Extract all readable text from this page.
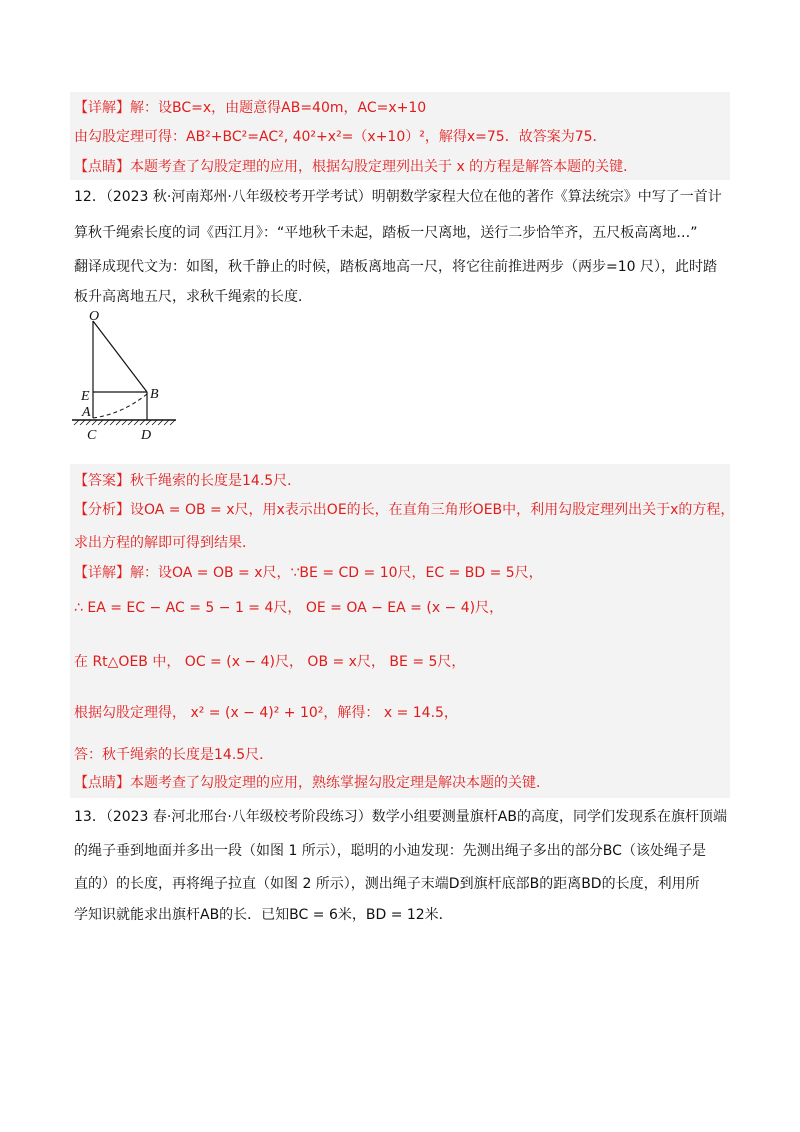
【详解】解：设BC=x，由题意得AB=40m，AC=x+10
由勾股定理可得：AB²+BC²=AC², 40²+x²=（x+10）²，解得x=75．故答案为75．
【点睛】本题考查了勾股定理的应用，根据勾股定理列出关于 x 的方程是解答本题的关键．
12．（2023 秋·河南郑州·八年级校考开学考试）明朝数学家程大位在他的著作《算法统宗》中写了一首计
算秋千绳索长度的词《西江月》：“平地秋千未起，踏板一尺离地，送行二步恰竿齐，五尺板高离地…”
翻译成现代文为：如图，秋千静止的时候，踏板离地高一尺，将它往前推进两步（两步=10 尺），此时踏
板升高离地五尺，求秋千绳索的长度．
O
E	B
A
C	D
【答案】秋千绳索的长度是14.5尺．
【分析】设OA = OB = x尺，用x表示出OE的长，在直角三角形OEB中，利用勾股定理列出关于x的方程，
求出方程的解即可得到结果．
【详解】解：设OA = OB = x尺，∵BE = CD = 10尺，EC = BD = 5尺，
∴ EA = EC − AC = 5 − 1 = 4尺， OE = OA − EA = (x − 4)尺，
在 Rt△OEB 中， OC = (x − 4)尺， OB = x尺， BE = 5尺，
根据勾股定理得， x² = (x − 4)² + 10²，解得： x = 14.5，
答：秋千绳索的长度是14.5尺．
【点睛】本题考查了勾股定理的应用，熟练掌握勾股定理是解决本题的关键．
13．（2023 春·河北邢台·八年级校考阶段练习）数学小组要测量旗杆AB的高度，同学们发现系在旗杆顶端
的绳子垂到地面并多出一段（如图 1 所示），聪明的小迪发现：先测出绳子多出的部分BC（该处绳子是
直的）的长度，再将绳子拉直（如图 2 所示），测出绳子末端D到旗杆底部B的距离BD的长度，利用所
学知识就能求出旗杆AB的长．已知BC = 6米，BD = 12米．
